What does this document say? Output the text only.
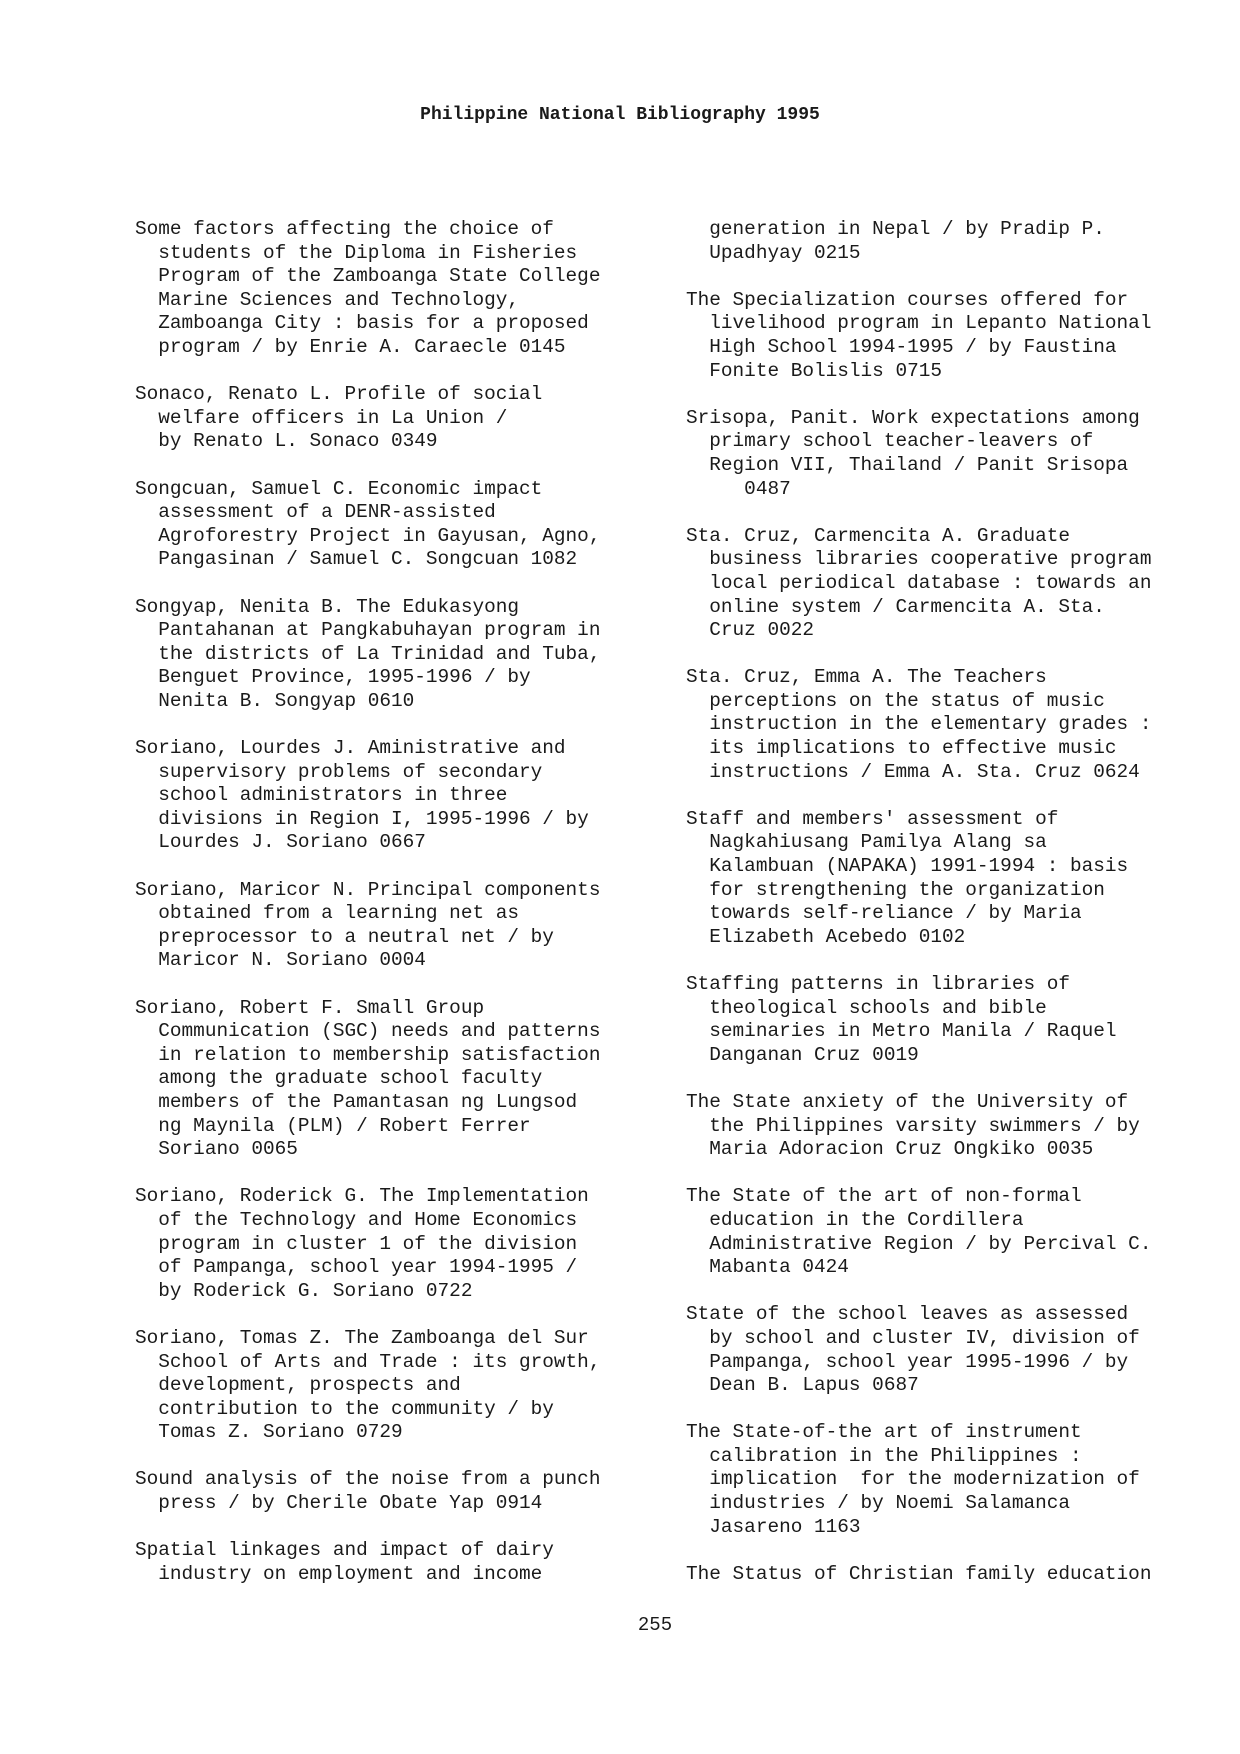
Philippine National Bibliography 1995
Some factors affecting the choice of
students of the Diploma in Fisheries
Program of the Zamboanga State College
Marine Sciences and Technology,
Zamboanga City : basis for a proposed
program / by Enrie A. Caraecle 0145
Sonaco, Renato L. Profile of social
welfare officers in La Union /
by Renato L. Sonaco 0349
Songcuan, Samuel C. Economic impact
assessment of a DENR-assisted
Agroforestry Project in Gayusan, Agno,
Pangasinan / Samuel C. Songcuan 1082
Songyap, Nenita B. The Edukasyong
Pantahanan at Pangkabuhayan program in
the districts of La Trinidad and Tuba,
Benguet Province, 1995-1996 / by
Nenita B. Songyap 0610
Soriano, Lourdes J. Aministrative and
supervisory problems of secondary
school administrators in three
divisions in Region I, 1995-1996 / by
Lourdes J. Soriano 0667
Soriano, Maricor N. Principal components
obtained from a learning net as
preprocessor to a neutral net / by
Maricor N. Soriano 0004
Soriano, Robert F. Small Group
Communication (SGC) needs and patterns
in relation to membership satisfaction
among the graduate school faculty
members of the Pamantasan ng Lungsod
ng Maynila (PLM) / Robert Ferrer
Soriano 0065
Soriano, Roderick G. The Implementation
of the Technology and Home Economics
program in cluster 1 of the division
of Pampanga, school year 1994-1995 /
by Roderick G. Soriano 0722
Soriano, Tomas Z. The Zamboanga del Sur
School of Arts and Trade : its growth,
development, prospects and
contribution to the community / by
Tomas Z. Soriano 0729
Sound analysis of the noise from a punch
press / by Cherile Obate Yap 0914
Spatial linkages and impact of dairy
industry on employment and income
generation in Nepal / by Pradip P.
Upadhyay 0215
The Specialization courses offered for
livelihood program in Lepanto National
High School 1994-1995 / by Faustina
Fonite Bolislis 0715
Srisopa, Panit. Work expectations among
primary school teacher-leavers of
Region VII, Thailand / Panit Srisopa
0487
Sta. Cruz, Carmencita A. Graduate
business libraries cooperative program
local periodical database : towards an
online system / Carmencita A. Sta.
Cruz 0022
Sta. Cruz, Emma A. The Teachers
perceptions on the status of music
instruction in the elementary grades :
its implications to effective music
instructions / Emma A. Sta. Cruz 0624
Staff and members' assessment of
Nagkahiusang Pamilya Alang sa
Kalambuan (NAPAKA) 1991-1994 : basis
for strengthening the organization
towards self-reliance / by Maria
Elizabeth Acebedo 0102
Staffing patterns in libraries of
theological schools and bible
seminaries in Metro Manila / Raquel
Danganan Cruz 0019
The State anxiety of the University of
the Philippines varsity swimmers / by
Maria Adoracion Cruz Ongkiko 0035
The State of the art of non-formal
education in the Cordillera
Administrative Region / by Percival C.
Mabanta 0424
State of the school leaves as assessed
by school and cluster IV, division of
Pampanga, school year 1995-1996 / by
Dean B. Lapus 0687
The State-of-the art of instrument
calibration in the Philippines :
implication  for the modernization of
industries / by Noemi Salamanca
Jasareno 1163
The Status of Christian family education
255
